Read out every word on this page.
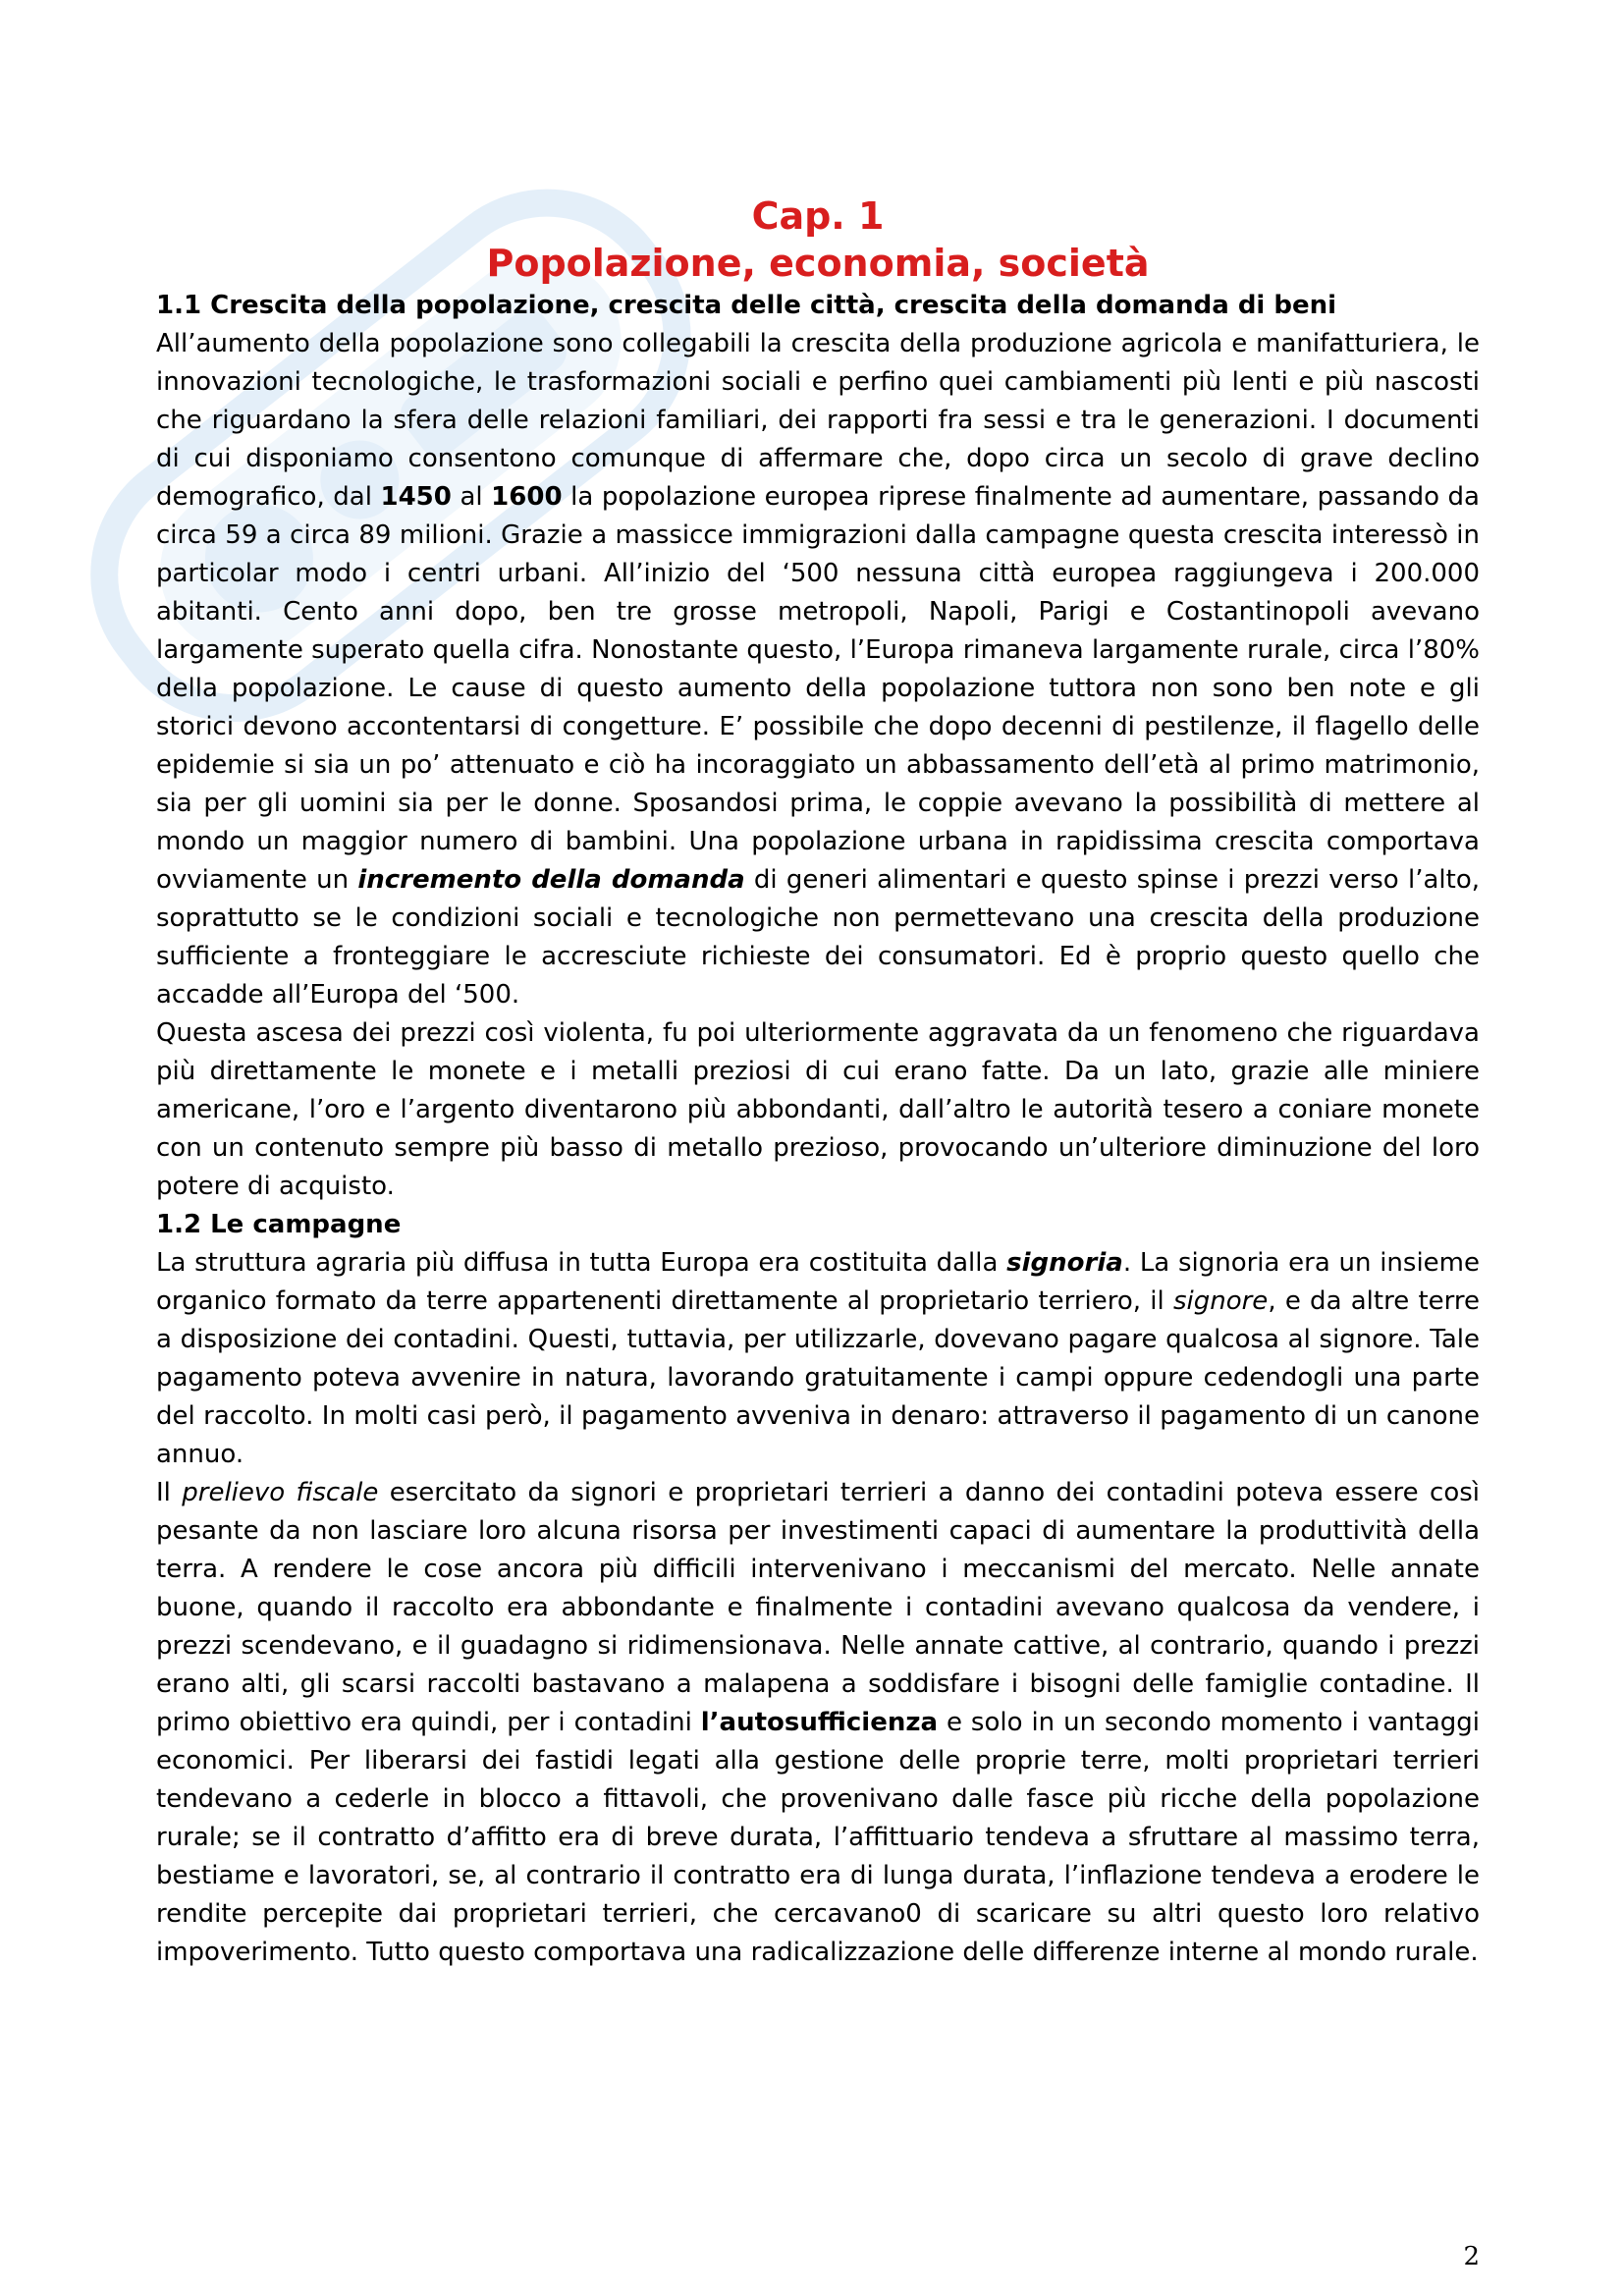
Cap. 1
Popolazione, economia, società
1.1 Crescita della popolazione, crescita delle città, crescita della domanda di beni

All’aumento della popolazione sono collegabili la crescita della produzione agricola e manifatturiera, le innovazioni tecnologiche, le trasformazioni sociali e perfino quei cambiamenti più lenti e più nascosti che riguardano la sfera delle relazioni familiari, dei rapporti fra sessi e tra le generazioni. I documenti di cui disponiamo consentono comunque di affermare che, dopo circa un secolo di grave declino demografico, dal 1450 al 1600 la popolazione europea riprese finalmente ad aumentare, passando da circa 59 a circa 89 milioni. Grazie a massicce immigrazioni dalla campagne questa crescita interessò in particolar modo i centri urbani. All’inizio del ‘500 nessuna città europea raggiungeva i 200.000 abitanti. Cento anni dopo, ben tre grosse metropoli, Napoli, Parigi e Costantinopoli avevano largamente superato quella cifra. Nonostante questo, l’Europa rimaneva largamente rurale, circa l’80% della popolazione. Le cause di questo aumento della popolazione tuttora non sono ben note e gli storici devono accontentarsi di congetture. E’ possibile che dopo decenni di pestilenze, il flagello delle epidemie si sia un po’ attenuato e ciò ha incoraggiato un abbassamento dell’età al primo matrimonio, sia per gli uomini sia per le donne. Sposandosi prima, le coppie avevano la possibilità di mettere al mondo un maggior numero di bambini. Una popolazione urbana in rapidissima crescita comportava ovviamente un incremento della domanda di generi alimentari e questo spinse i prezzi verso l’alto, soprattutto se le condizioni sociali e tecnologiche non permettevano una crescita della produzione sufficiente a fronteggiare le accresciute richieste dei consumatori. Ed è proprio questo quello che accadde all’Europa del ‘500.

Questa ascesa dei prezzi così violenta, fu poi ulteriormente aggravata da un fenomeno che riguardava più direttamente le monete e i metalli preziosi di cui erano fatte. Da un lato, grazie alle miniere americane, l’oro e l’argento diventarono più abbondanti, dall’altro le autorità tesero a coniare monete con un contenuto sempre più basso di metallo prezioso, provocando un’ulteriore diminuzione del loro potere di acquisto.

1.2 Le campagne

La struttura agraria più diffusa in tutta Europa era costituita dalla signoria. La signoria era un insieme organico formato da terre appartenenti direttamente al proprietario terriero, il signore, e da altre terre a disposizione dei contadini. Questi, tuttavia, per utilizzarle, dovevano pagare qualcosa al signore. Tale pagamento poteva avvenire in natura, lavorando gratuitamente i campi oppure cedendogli una parte del raccolto. In molti casi però, il pagamento avveniva in denaro: attraverso il pagamento di un canone annuo.

Il prelievo fiscale esercitato da signori e proprietari terrieri a danno dei contadini poteva essere così pesante da non lasciare loro alcuna risorsa per investimenti capaci di aumentare la produttività della terra. A rendere le cose ancora più difficili intervenivano i meccanismi del mercato. Nelle annate buone, quando il raccolto era abbondante e finalmente i contadini avevano qualcosa da vendere, i prezzi scendevano, e il guadagno si ridimensionava. Nelle annate cattive, al contrario, quando i prezzi erano alti, gli scarsi raccolti bastavano a malapena a soddisfare i bisogni delle famiglie contadine. Il primo obiettivo era quindi, per i contadini l’autosufficienza e solo in un secondo momento i vantaggi economici. Per liberarsi dei fastidi legati alla gestione delle proprie terre, molti proprietari terrieri tendevano a cederle in blocco a fittavoli, che provenivano dalle fasce più ricche della popolazione rurale; se il contratto d’affitto era di breve durata, l’affittuario tendeva a sfruttare al massimo terra, bestiame e lavoratori, se, al contrario il contratto era di lunga durata, l’inflazione tendeva a erodere le rendite percepite dai proprietari terrieri, che cercavano0 di scaricare su altri questo loro relativo impoverimento. Tutto questo comportava una radicalizzazione delle differenze interne al mondo rurale.

2
